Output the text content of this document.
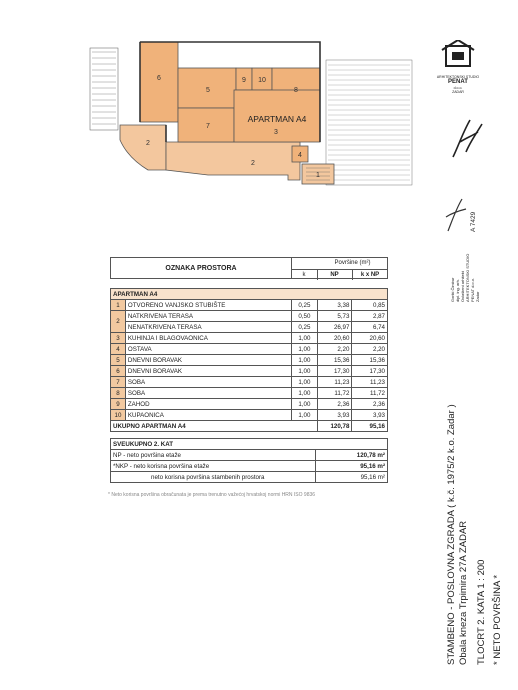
6
5
9 10
8
7
3
2
2
4
1
APARTMAN A4
ARHITEKTONSKI STUDIO
PENAT
d.o.o.
ZADAR
A 7429
Goriki Čimbur dipl. ing. arh. Ovlašteni arhitekt ARHITEKTONSKI STUDIO PENAT d.o.o. Zadar
OZNAKA PROSTORA
k
Površine (m²)
NP	k x NP
APARTMAN A4				
1	OTVORENO VANJSKO STUBIŠTE	0,25	3,38	0,85
2	NATKRIVENA TERASA	0,50	5,73	2,87
	NENATKRIVENA TERASA	0,25	26,97	6,74
3	KUHINJA I BLAGOVAONICA	1,00	20,60	20,60
4	OSTAVA	1,00	2,20	2,20
5	DNEVNI BORAVAK	1,00	15,36	15,36
6	DNEVNI BORAVAK	1,00	17,30	17,30
7	SOBA	1,00	11,23	11,23
8	SOBA	1,00	11,72	11,72
9	ZAHOD	1,00	2,36	2,36
10	KUPAONICA	1,00	3,93	3,93
UKUPNO APARTMAN A4			120,78	95,16
SVEUKUPNO 2. KAT	
NP - neto površina etaže	120,78 m²
*NKP - neto korisna površina etaže	95,16 m²
neto korisna površina stambenih prostora	95,16 m²
* Neto korisna površina obračunata je prema trenutno važećoj hrvatskoj normi HRN ISO 9836	STAMBENO - POSLOVNA ZGRADA ( k.č. 1975/2 k.o. Zadar ) Obala kneza Trpimira 27A ZADAR TLOCRT 2. KATA 1 : 200 * NETO POVRŠINA *
